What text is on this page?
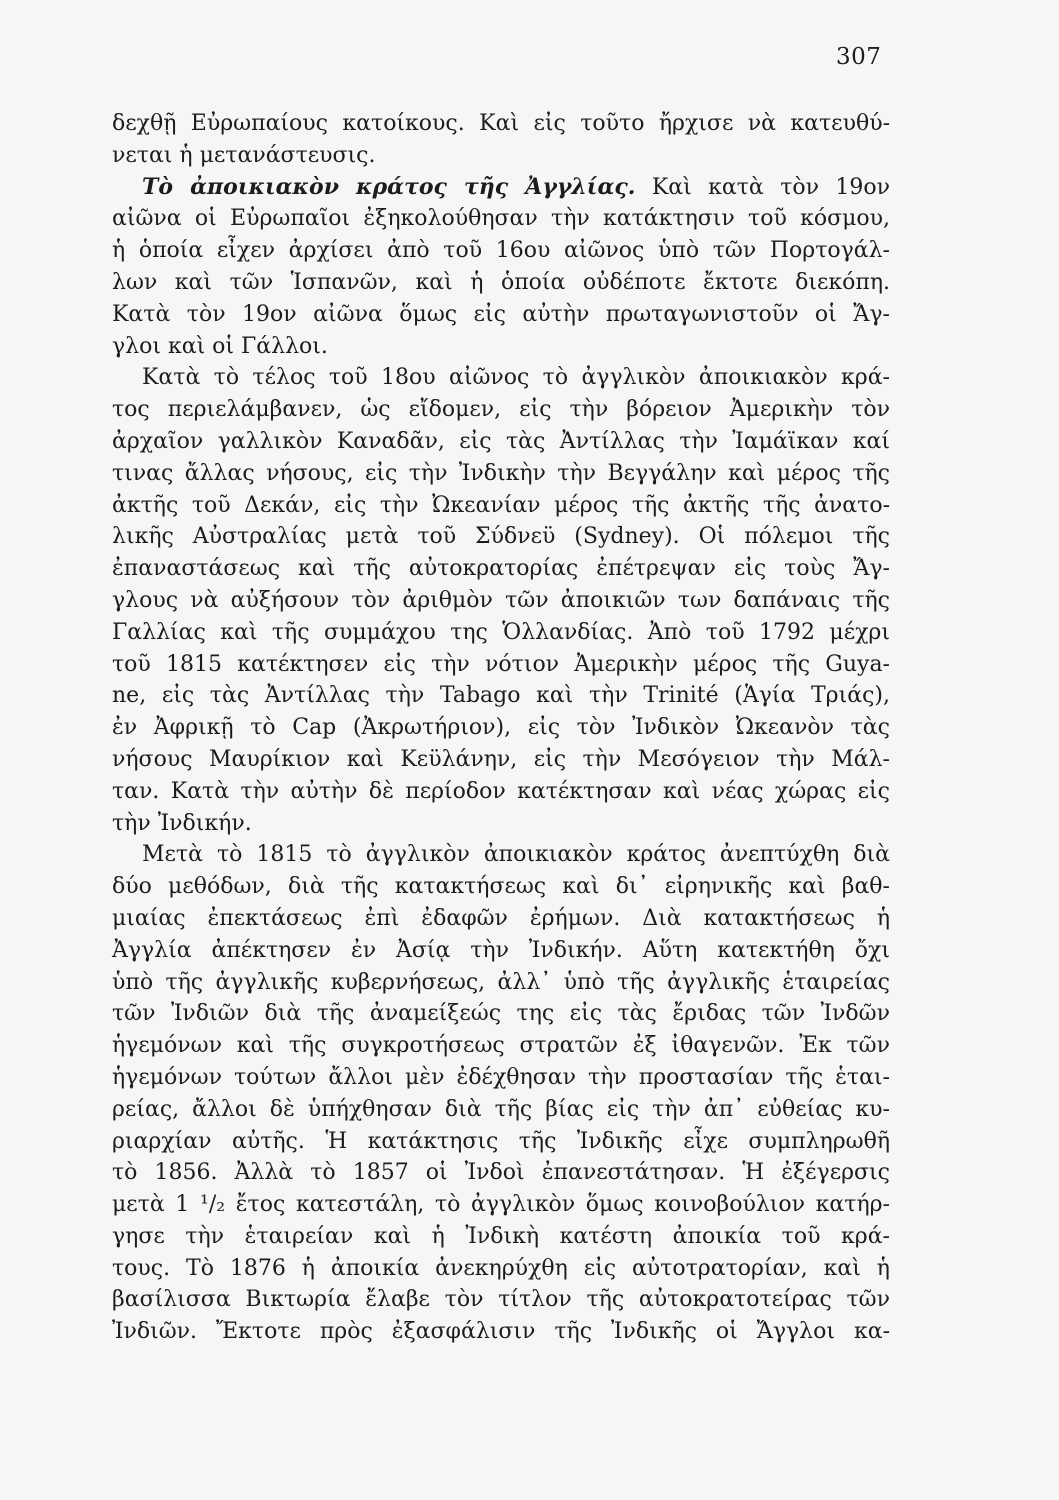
307
δεχθῇ Εὐρωπαίους κατοίκους. Καὶ εἰς τοῦτο ἤρχισε νὰ κατευθύ-
νεται ἡ μετανάστευσις.
Τὸ ἀποικιακὸν κράτος τῆς Ἀγγλίας. Καὶ κατὰ τὸν 19ον
αἰῶνα οἱ Εὐρωπαῖοι ἐξηκολούθησαν τὴν κατάκτησιν τοῦ κόσμου,
ἡ ὁποία εἶχεν ἀρχίσει ἀπὸ τοῦ 16ου αἰῶνος ὑπὸ τῶν Πορτογάλ-
λων καὶ τῶν Ἱσπανῶν, καὶ ἡ ὁποία οὐδέποτε ἔκτοτε διεκόπη.
Κατὰ τὸν 19ον αἰῶνα ὅμως εἰς αὐτὴν πρωταγωνιστοῦν οἱ Ἄγ-
γλοι καὶ οἱ Γάλλοι.
Κατὰ τὸ τέλος τοῦ 18ου αἰῶνος τὸ ἀγγλικὸν ἀποικιακὸν κρά-
τος περιελάμβανεν, ὡς εἴδομεν, εἰς τὴν βόρειον Ἀμερικὴν τὸν
ἀρχαῖον γαλλικὸν Καναδᾶν, εἰς τὰς Ἀντίλλας τὴν Ἰαμάϊκαν καί
τινας ἄλλας νήσους, εἰς τὴν Ἰνδικὴν τὴν Βεγγάλην καὶ μέρος τῆς
ἀκτῆς τοῦ Δεκάν, εἰς τὴν Ὠκεανίαν μέρος τῆς ἀκτῆς τῆς ἀνατο-
λικῆς Αὐστραλίας μετὰ τοῦ Σύδνεϋ (Sydney). Οἱ πόλεμοι τῆς
ἐπαναστάσεως καὶ τῆς αὐτοκρατορίας ἐπέτρεψαν εἰς τοὺς Ἄγ-
γλους νὰ αὐξήσουν τὸν ἀριθμὸν τῶν ἀποικιῶν των δαπάναις τῆς
Γαλλίας καὶ τῆς συμμάχου της Ὁλλανδίας. Ἀπὸ τοῦ 1792 μέχρι
τοῦ 1815 κατέκτησεν εἰς τὴν νότιον Ἀμερικὴν μέρος τῆς Guya-
ne, εἰς τὰς Ἀντίλλας τὴν Tabago καὶ τὴν Trinité (Ἁγία Τριάς),
ἐν Ἀφρικῇ τὸ Cap (Ἀκρωτήριον), εἰς τὸν Ἰνδικὸν Ὠκεανὸν τὰς
νήσους Μαυρίκιον καὶ Κεϋλάνην, εἰς τὴν Μεσόγειον τὴν Μάλ-
ταν. Κατὰ τὴν αὐτὴν δὲ περίοδον κατέκτησαν καὶ νέας χώρας εἰς
τὴν Ἰνδικήν.
Μετὰ τὸ 1815 τὸ ἀγγλικὸν ἀποικιακὸν κράτος ἀνεπτύχθη διὰ
δύο μεθόδων, διὰ τῆς κατακτήσεως καὶ δι᾿ εἰρηνικῆς καὶ βαθ-
μιαίας ἐπεκτάσεως ἐπὶ ἐδαφῶν ἐρήμων. Διὰ κατακτήσεως ἡ
Ἀγγλία ἀπέκτησεν ἐν Ἀσίᾳ τὴν Ἰνδικήν. Αὕτη κατεκτήθη ὄχι
ὑπὸ τῆς ἀγγλικῆς κυβερνήσεως, ἀλλ᾿ ὑπὸ τῆς ἀγγλικῆς ἑταιρείας
τῶν Ἰνδιῶν διὰ τῆς ἀναμείξεώς της εἰς τὰς ἔριδας τῶν Ἰνδῶν
ἡγεμόνων καὶ τῆς συγκροτήσεως στρατῶν ἐξ ἰθαγενῶν. Ἐκ τῶν
ἡγεμόνων τούτων ἄλλοι μὲν ἐδέχθησαν τὴν προστασίαν τῆς ἑται-
ρείας, ἄλλοι δὲ ὑπήχθησαν διὰ τῆς βίας εἰς τὴν ἀπ᾿ εὐθείας κυ-
ριαρχίαν αὐτῆς. Ἡ κατάκτησις τῆς Ἰνδικῆς εἶχε συμπληρωθῆ
τὸ 1856. Ἀλλὰ τὸ 1857 οἱ Ἰνδοὶ ἐπανεστάτησαν. Ἡ ἐξέγερσις
μετὰ 1 ¹/₂ ἔτος κατεστάλη, τὸ ἀγγλικὸν ὅμως κοινοβούλιον κατήρ-
γησε τὴν ἑταιρείαν καὶ ἡ Ἰνδικὴ κατέστη ἀποικία τοῦ κρά-
τους. Τὸ 1876 ἡ ἀποικία ἀνεκηρύχθη εἰς αὐτοτρατορίαν, καὶ ἡ
βασίλισσα Βικτωρία ἔλαβε τὸν τίτλον τῆς αὐτοκρατοτείρας τῶν
Ἰνδιῶν. Ἔκτοτε πρὸς ἐξασφάλισιν τῆς Ἰνδικῆς οἱ Ἄγγλοι κα-
